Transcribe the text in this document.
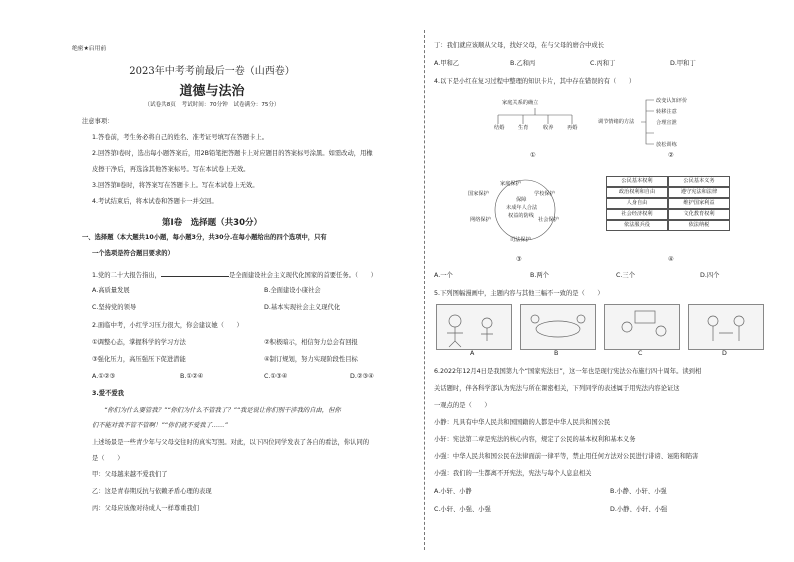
绝密★启用前
2023年中考考前最后一卷（山西卷）
道德与法治
（试卷共8页　考试时间：70分钟　试卷满分：75分）
注意事项：
1.答卷前，考生务必将自己的姓名、准考证号填写在答题卡上。
2.回答第Ⅰ卷时，选出每小题答案后，用2B铅笔把答题卡上对应题目的答案标号涂黑。如需改动，用橡
皮擦干净后，再选涂其他答案标号。写在本试卷上无效。
3.回答第Ⅱ卷时，将答案写在答题卡上。写在本试卷上无效。
4.考试结束后，将本试卷和答题卡一并交回。
第Ⅰ卷　选择题（共30分）
一、选择题（本大题共10小题，每小题3分，共30分.在每小题给出的四个选项中，只有
一个选项是符合题目要求的）
1.党的二十大报告指出，	是全面建设社会主义现代化国家的首要任务。（　　）
A.高质量发展	B.全面建设小康社会
C.坚持党的领导	D.基本实现社会主义现代化
2.面临中考，小红学习压力很大，你会建议她（　　）
①调整心态，掌握科学的学习方法	②积极暗示，相信努力总会有回报
③强化压力，高压强压下促进潜能	④制订规划，努力实现阶段性目标
A.①②③	B.①②④	C.①③④	D.②③④
3.爱不爱我
“你们为什么要管我？”“你们为什么不管我了？”“我是说让你们别干涉我的自由，但你
们不能对我不管不管啊！”“你们就不爱我了……”
上述场景是一些青少年与父母交往时的真实写照。对此，以下四位同学发表了各自的看法，你认同的
是（　　）
甲：父母越来越不爱我们了
乙：这是青春期反抗与依赖矛盾心理的表现
丙：父母应该像对待成人一样尊重我们
丁：我们就应该顺从父母，找好父母，在与父母的磨合中成长
A.甲和乙	B.乙和丙	C.丙和丁	D.甲和丁
4.以下是小红在复习过程中整理的知识卡片，其中存在错误的有（　　）
家庭关系的确立
结婚	生育	收养	再婚
①
调节情绪的方法
改变认知评价
转移注意
合理宣泄
放松训练
②
保障
未成年人合法
权益的防线
家庭保护
学校保护
社会保护
司法保护
网络保护
国家保护
③
公民基本权利	公民基本义务
政治权利和自由	遵守宪法和法律
人身自由	维护国家利益
社会经济权利	文化教育权利
依法服兵役	依法纳税
④
A.一个	B.两个	C.三个	D.四个
5.下列图幅漫画中，主题内容与其他三幅不一致的是（　　）
A	B	C	D
6.2022年12月4日是我国第九个“国家宪法日”，这一年也是现行宪法公布施行四十周年。读到相
关话题时，伴各科学部认为宪法与所在课密相关，下列同学的表述属于用宪法内容论证这
一观点的是（　　）
小静：凡具有中华人民共和国国籍的人都是中华人民共和国公民
小轩：宪法第二章是宪法的核心内容，规定了公民的基本权利和基本义务
小强：中华人民共和国公民在法律面前一律平等，禁止用任何方法对公民进行诽谤、诬陷和陷害
小强：我们的一生都离不开宪法，宪法与每个人息息相关
A.小轩、小静	B.小静、小轩、小强
C.小轩、小强、小强	D.小静、小轩、小强
